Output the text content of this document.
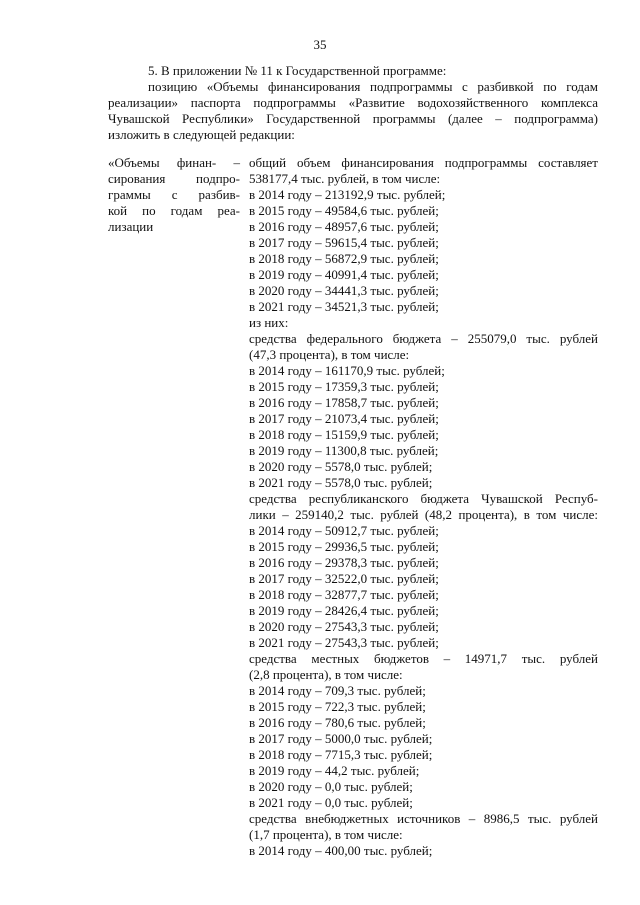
35
5. В приложении № 11 к Государственной программе:
позицию «Объемы финансирования подпрограммы с разбивкой по годам
реализации» паспорта подпрограммы «Развитие водохозяйственного комплекса
Чувашской Республики» Государственной программы (далее – подпрограмма)
изложить в следующей редакции:
«Объемы финан- –
сирования подпро-
граммы с разбив-
кой по годам реа-
лизации
общий объем финансирования подпрограммы составляет
538177,4 тыс. рублей, в том числе:
в 2014 году – 213192,9 тыс. рублей;
в 2015 году – 49584,6 тыс. рублей;
в 2016 году – 48957,6 тыс. рублей;
в 2017 году – 59615,4 тыс. рублей;
в 2018 году – 56872,9 тыс. рублей;
в 2019 году – 40991,4 тыс. рублей;
в 2020 году – 34441,3 тыс. рублей;
в 2021 году – 34521,3 тыс. рублей;
из них:
средства федерального бюджета – 255079,0 тыс. рублей
(47,3 процента), в том числе:
в 2014 году – 161170,9 тыс. рублей;
в 2015 году – 17359,3 тыс. рублей;
в 2016 году – 17858,7 тыс. рублей;
в 2017 году – 21073,4 тыс. рублей;
в 2018 году – 15159,9 тыс. рублей;
в 2019 году – 11300,8 тыс. рублей;
в 2020 году – 5578,0 тыс. рублей;
в 2021 году – 5578,0 тыс. рублей;
средства республиканского бюджета Чувашской Респуб-
лики – 259140,2 тыс. рублей (48,2 процента), в том числе:
в 2014 году – 50912,7 тыс. рублей;
в 2015 году – 29936,5 тыс. рублей;
в 2016 году – 29378,3 тыс. рублей;
в 2017 году – 32522,0 тыс. рублей;
в 2018 году – 32877,7 тыс. рублей;
в 2019 году – 28426,4 тыс. рублей;
в 2020 году – 27543,3 тыс. рублей;
в 2021 году – 27543,3 тыс. рублей;
средства местных бюджетов – 14971,7 тыс. рублей
(2,8 процента), в том числе:
в 2014 году – 709,3 тыс. рублей;
в 2015 году – 722,3 тыс. рублей;
в 2016 году – 780,6 тыс. рублей;
в 2017 году – 5000,0 тыс. рублей;
в 2018 году – 7715,3 тыс. рублей;
в 2019 году – 44,2 тыс. рублей;
в 2020 году – 0,0 тыс. рублей;
в 2021 году – 0,0 тыс. рублей;
средства внебюджетных источников – 8986,5 тыс. рублей
(1,7 процента), в том числе:
в 2014 году – 400,00 тыс. рублей;
